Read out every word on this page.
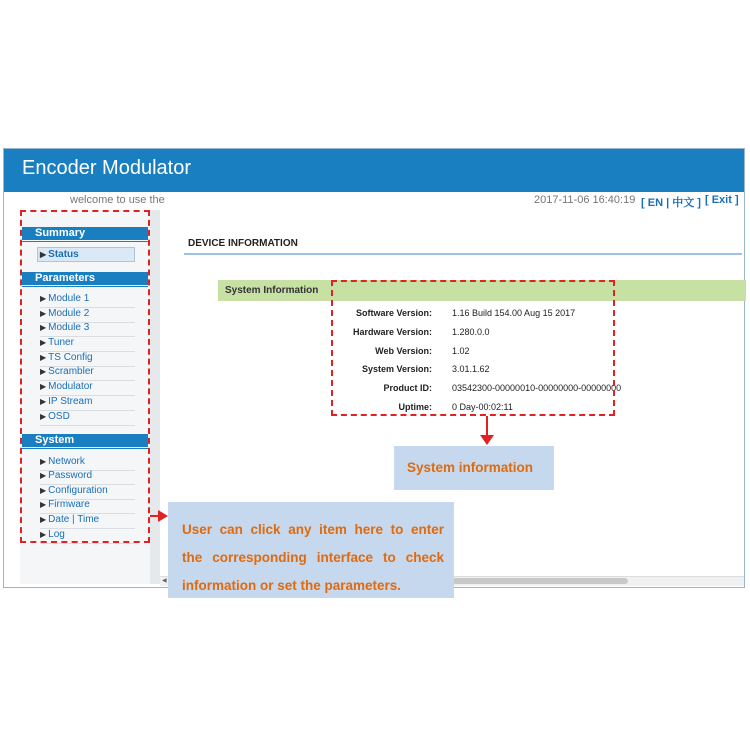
Encoder Modulator
welcome to use the	2017-11-06 16:40:19 [ EN | 中文 ] [ Exit ]
Summary
▶ Status
Parameters
▶ Module 1
▶ Module 2
▶ Module 3
▶ Tuner
▶ TS Config
▶ Scrambler
▶ Modulator
▶ IP Stream
▶ OSD
System
▶ Network
▶ Password
▶ Configuration
▶ Firmware
▶ Date | Time
▶ Log
DEVICE INFORMATION
System Information
Software Version: 1.16 Build 154.00 Aug 15 2017
Hardware Version: 1.280.0.0
Web Version: 1.02
System Version: 3.01.1.62
Product ID: 03542300-00000010-00000000-00000000
Uptime: 0 Day-00:02:11
◀
System information
User can click any item here to enter
the corresponding interface to check
information or set the parameters.
